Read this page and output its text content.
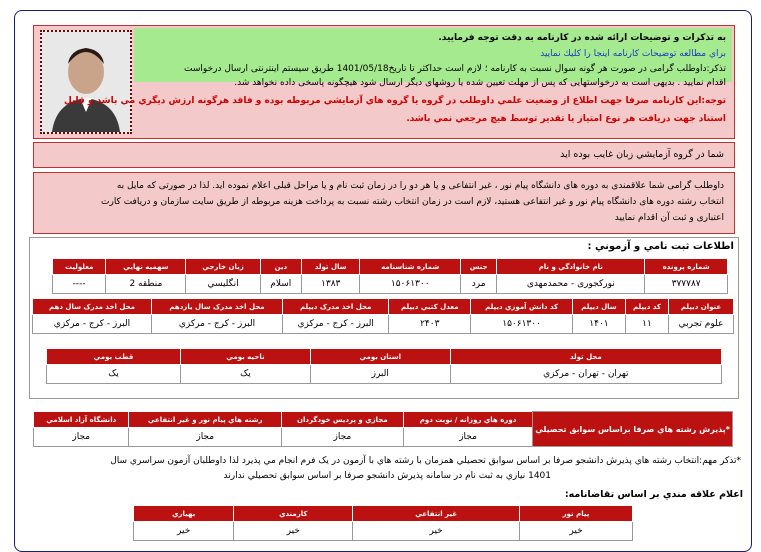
به تذکرات و توضیحات ارائه شده در کارنامه به دقت توجه فرمایید.
براي مطالعه توضيحات كارنامه اينجا را كليك نماييد
تذکر:داوطلب گرامی در صورت هر گونه سوال نسبت به کارنامه ؛ لازم است حداکثر تا تاریخ1401/05/18 طریق سیستم اینترنتی ارسال درخواست
اقدام نمایید . بدیهی است به درخواستهایی که پس از مهلت تعیین شده یا روشهای دیگر ارسال شود هیچگونه پاسخی داده نخواهد شد.
توجه:این کارنامه صرفا جهت اطلاع از وضعیت علمي داوطلب در گروه يا گروه هاي آزمايشي مربوطه بوده و فاقد هرگونه ارزش ديگري مي باشد و قابل
استناد جهت دريافت هر نوع امتياز يا تقدير توسط هيچ مرجعي نمي باشد.
شما در گروه آزمایشي زبان غایب بوده اید
داوطلب گرامی شما علاقمندی به دوره های دانشگاه پیام نور ، غیر انتفاعی و یا هر دو را در زمان ثبت نام و یا مراحل قبلی اعلام نموده اید. لذا در صورتی که مایل به
انتخاب رشته دوره های دانشگاه پیام نور و غیر انتفاعی هستید، لازم است در زمان انتخاب رشته نسبت به پرداخت هزینه مربوطه از طریق سایت سازمان و دریافت کارت
اعتباری و ثبت آن اقدام نمایید
اطلاعات ثبت نامي و آزموني :
شماره پرونده	نام خانوادگي و نام	جنس	شماره شناسنامه	سال تولد	دين	زبان خارجي	سهميه نهايي	معلوليت
۳۷۷۷۸۷	نورکجوری - محمدمهدی	مرد	۱۵۰۶۱۳۰۰	۱۳۸۳	اسلام	انگليسي	منطقه 2	----
عنوان ديپلم	كد ديپلم	سال ديپلم	كد دانش آموزي ديپلم	معدل كتبي ديپلم	محل اخذ مدرک ديپلم	محل اخذ مدرک سال يازدهم	محل اخذ مدرک سال دهم
علوم تجربي	۱۱	۱۴۰۱	۱۵۰۶۱۳۰۰	۲۴۰۳	البرز - کرج - مرکزي	البرز - کرج - مرکزي	البرز - کرج - مرکزي
محل تولد	استان بومي	ناحيه بومي	قطب بومي
تهران - تهران - مرکزي	البرز	يک	يک
*پذیرش رشته هاي صرفا براساس سوابق تحصيلي	دوره هاي روزانه / نوبت دوم	مجازي و پرديس خودگردان	رشته هاي پيام نور و غير انتفاعي	دانشگاه آزاد اسلامي
	مجاز	مجاز	مجاز	مجاز
*تذکر مهم:انتخاب رشته هاي پذيرش دانشجو صرفا بر اساس سوابق تحصيلي همزمان با رشته هاي با آزمون در يک فرم انجام مي پذيرد لذا داوطلبان آزمون سراسري سال
1401 نيازي به ثبت نام در سامانه پذيرش دانشجو صرفا بر اساس سوابق تحصيلي ندارند
اعلام علاقه مندي بر اساس تقاضانامه:
پيام نور	غير انتفاعي	كارمندي	بهياري
خير	خير	خير	خير
